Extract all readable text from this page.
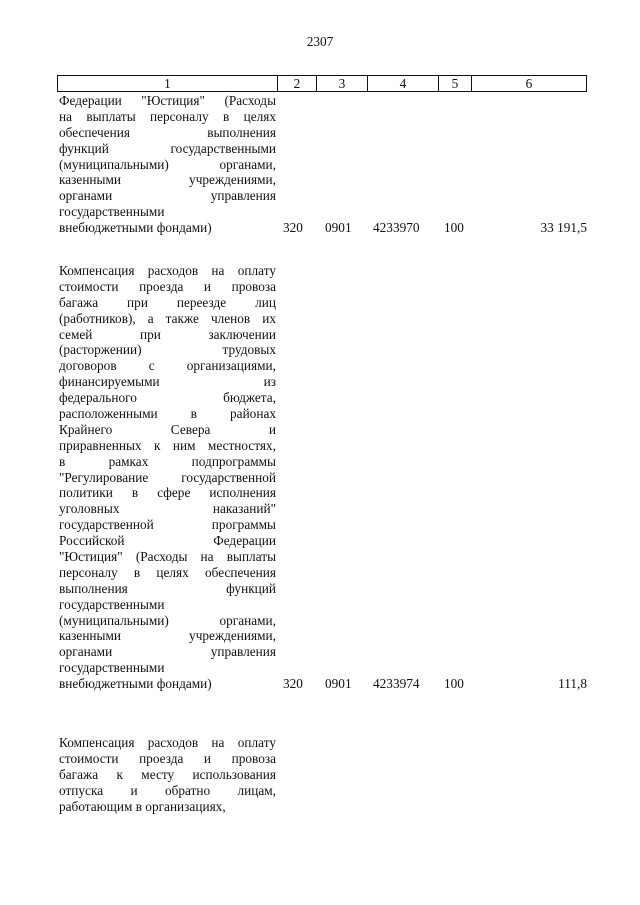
2307
1	2	3	4	5	6
Федерации "Юстиция" (Расходы
на выплаты персоналу в целях
обеспечения выполнения
функций государственными
(муниципальными) органами,
казенными учреждениями,
органами управления
государственными
внебюджетными фондами)	320 0901 4233970 100	33 191,5
Компенсация расходов на оплату
стоимости проезда и провоза
багажа при переезде лиц
(работников), а также членов их
семей при заключении
(расторжении) трудовых
договоров с организациями,
финансируемыми из
федерального бюджета,
расположенными в районах
Крайнего Севера и
приравненных к ним местностях,
в рамках подпрограммы
"Регулирование государственной
политики в сфере исполнения
уголовных наказаний"
государственной программы
Российской Федерации
"Юстиция" (Расходы на выплаты
персоналу в целях обеспечения
выполнения функций
государственными
(муниципальными) органами,
казенными учреждениями,
органами управления
государственными
внебюджетными фондами)	320 0901 4233974 100	111,8
Компенсация расходов на оплату
стоимости проезда и провоза
багажа к месту использования
отпуска и обратно лицам,
работающим в организациях,
